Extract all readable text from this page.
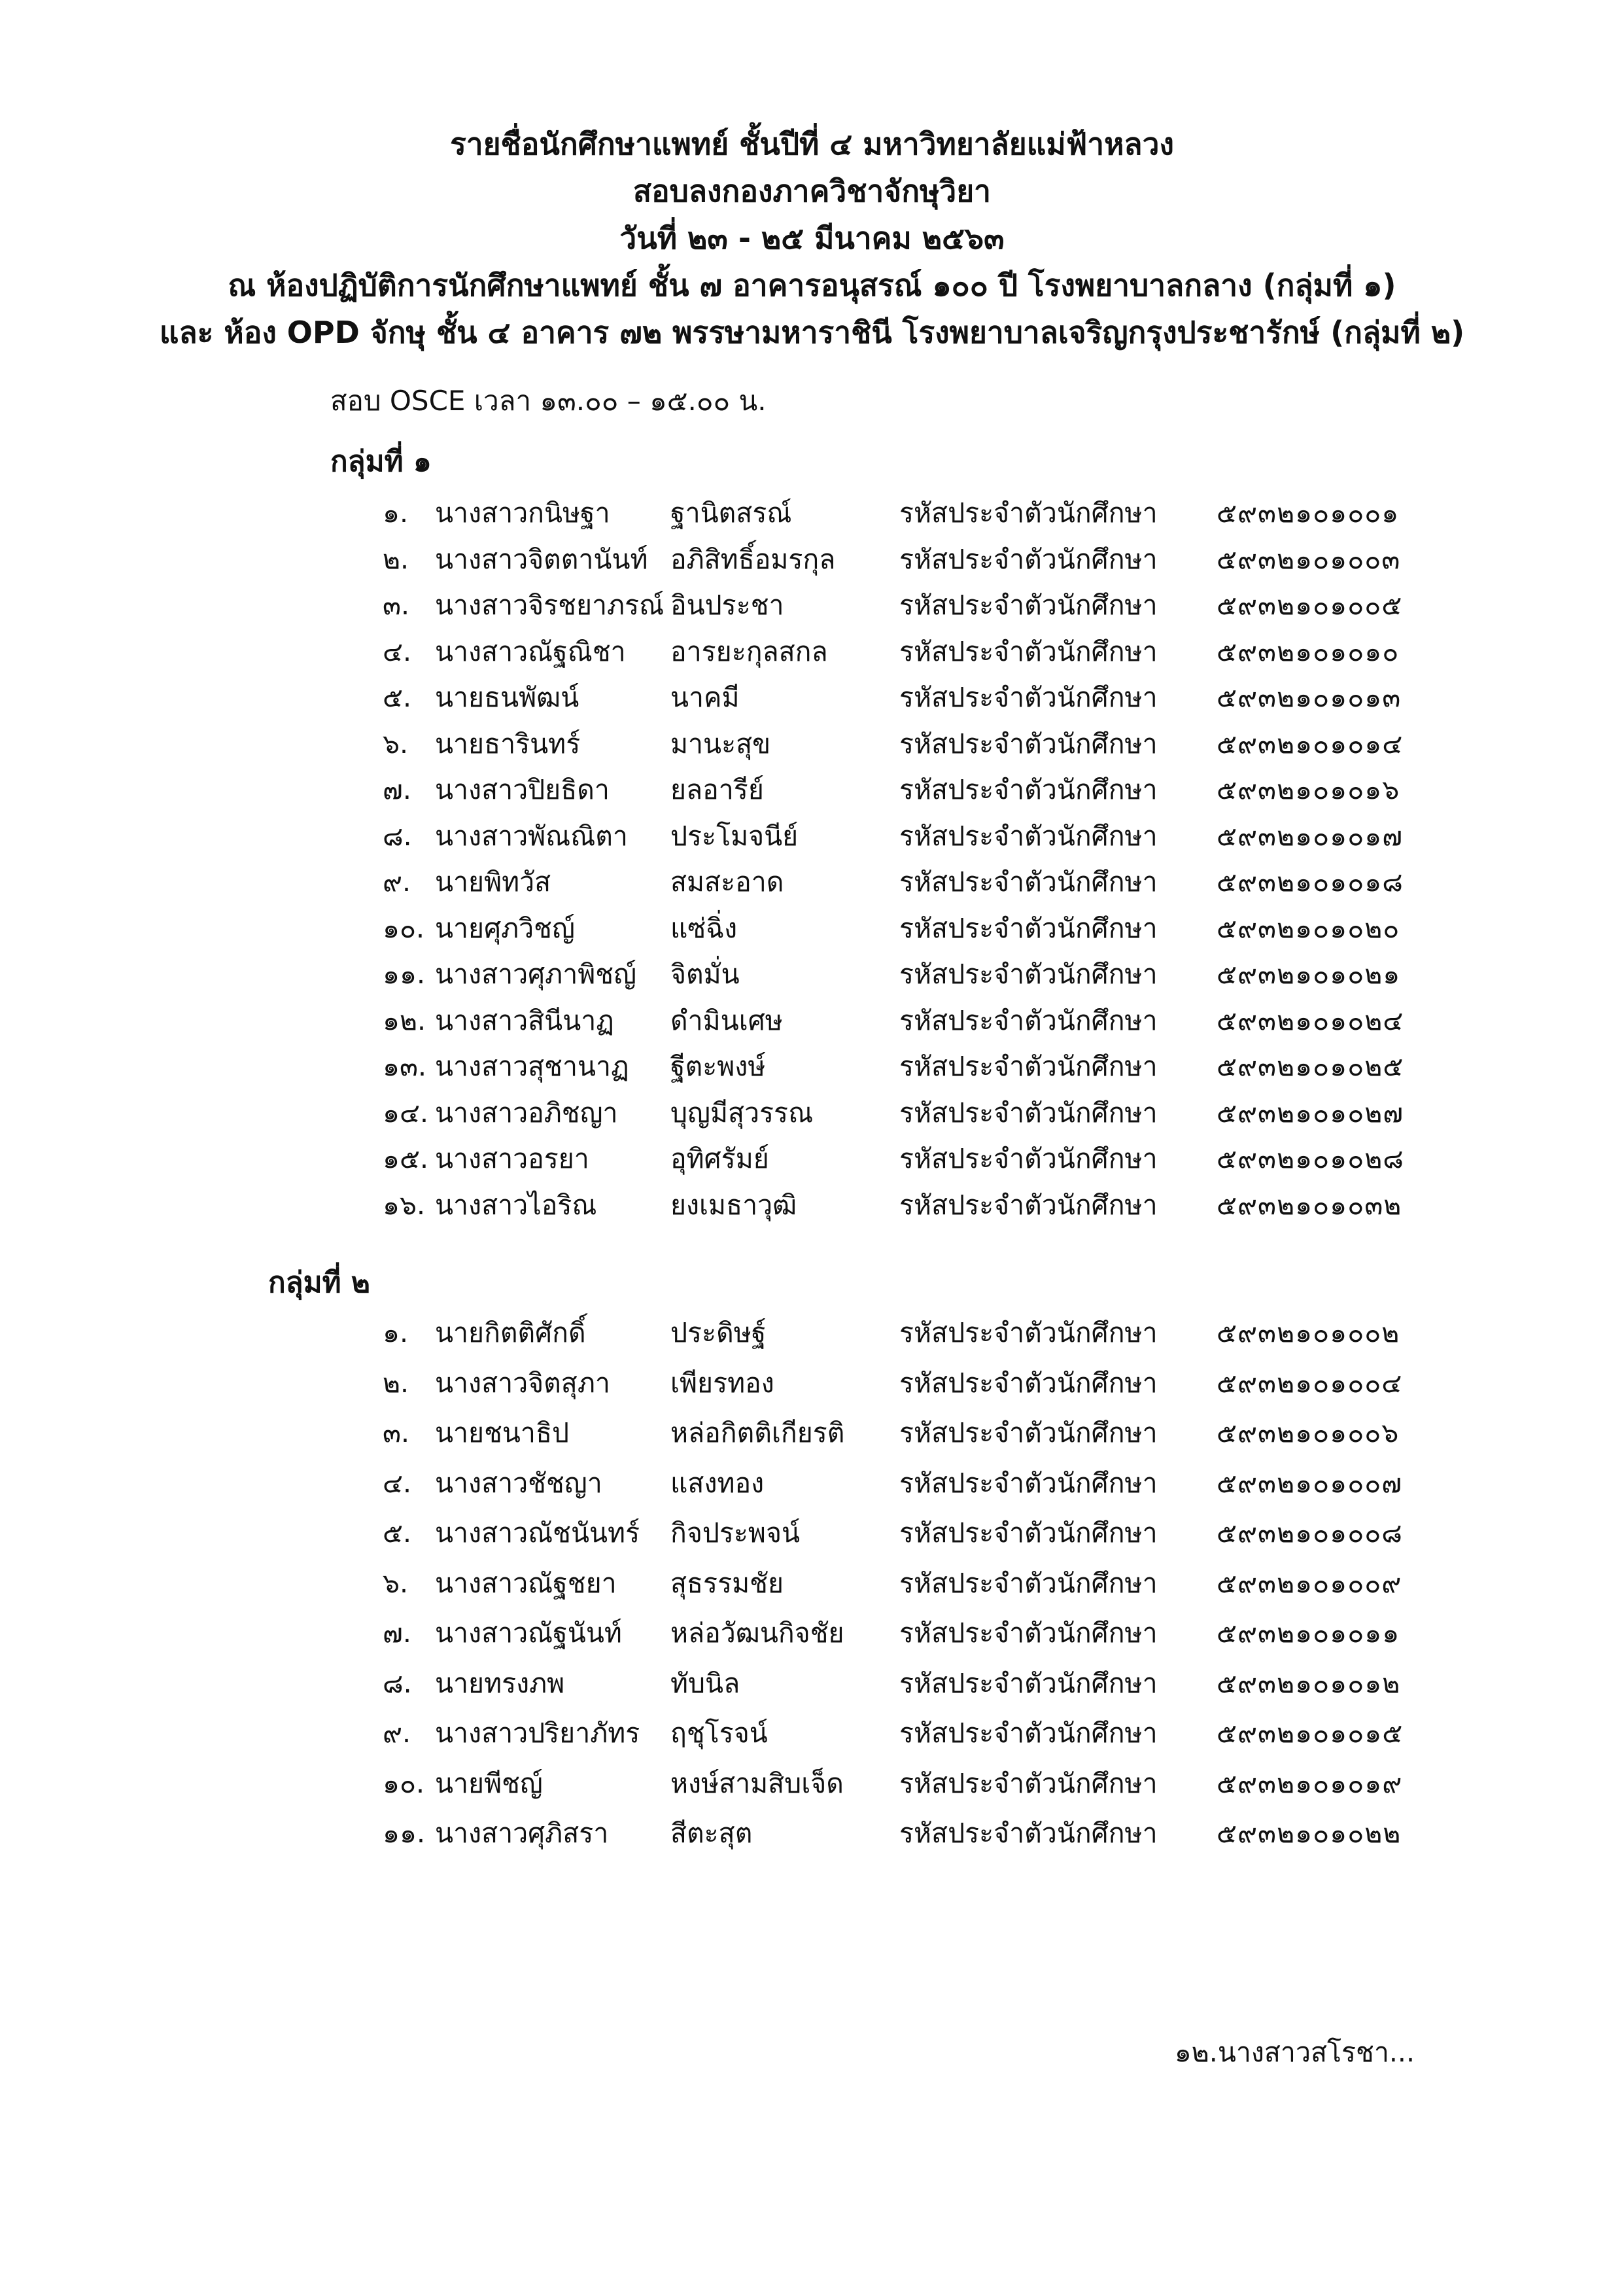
รายชื่อนักศึกษาแพทย์ ชั้นปีที่ ๔ มหาวิทยาลัยแม่ฟ้าหลวง
สอบลงกองภาควิชาจักษุวิยา
วันที่ ๒๓ - ๒๕ มีนาคม ๒๕๖๓
ณ ห้องปฏิบัติการนักศึกษาแพทย์ ชั้น ๗ อาคารอนุสรณ์ ๑๐๐ ปี โรงพยาบาลกลาง (กลุ่มที่ ๑)
และ ห้อง OPD จักษุ ชั้น ๔ อาคาร ๗๒ พรรษามหาราชินี โรงพยาบาลเจริญกรุงประชารักษ์ (กลุ่มที่ ๒)
สอบ OSCE เวลา ๑๓.๐๐ – ๑๕.๐๐ น.
กลุ่มที่ ๑
๑. นางสาวกนิษฐา ฐานิตสรณ์	รหัสประจำตัวนักศึกษา ๕๙๓๒๑๐๑๐๐๑
๒. นางสาวจิตตานันท์ อภิสิทธิ์อมรกุล รหัสประจำตัวนักศึกษา ๕๙๓๒๑๐๑๐๐๓
๓. นางสาวจิรชยาภรณ์ อินประชา	รหัสประจำตัวนักศึกษา ๕๙๓๒๑๐๑๐๐๕
๔. นางสาวณัฐณิชา อารยะกุลสกล	รหัสประจำตัวนักศึกษา ๕๙๓๒๑๐๑๐๑๐
๕. นายธนพัฒน์	นาคมี	รหัสประจำตัวนักศึกษา ๕๙๓๒๑๐๑๐๑๓
๖. นายธารินทร์	มานะสุข	รหัสประจำตัวนักศึกษา ๕๙๓๒๑๐๑๐๑๔
๗. นางสาวปิยธิดา ยลอารีย์	รหัสประจำตัวนักศึกษา ๕๙๓๒๑๐๑๐๑๖
๘. นางสาวพัณณิตา ประโมจนีย์	รหัสประจำตัวนักศึกษา ๕๙๓๒๑๐๑๐๑๗
๙. นายพิทวัส	สมสะอาด	รหัสประจำตัวนักศึกษา ๕๙๓๒๑๐๑๐๑๘
๑๐. นายศุภวิชญ์	แซ่ฉิ่ง	รหัสประจำตัวนักศึกษา ๕๙๓๒๑๐๑๐๒๐
๑๑. นางสาวศุภาพิชญ์ จิตมั่น	รหัสประจำตัวนักศึกษา ๕๙๓๒๑๐๑๐๒๑
๑๒. นางสาวสินีนาฏ ดำมินเศษ	รหัสประจำตัวนักศึกษา ๕๙๓๒๑๐๑๐๒๔
๑๓. นางสาวสุชานาฏ ฐีตะพงษ์	รหัสประจำตัวนักศึกษา ๕๙๓๒๑๐๑๐๒๕
๑๔. นางสาวอภิชญา บุญมีสุวรรณ	รหัสประจำตัวนักศึกษา ๕๙๓๒๑๐๑๐๒๗
๑๕. นางสาวอรยา	อุทิศรัมย์	รหัสประจำตัวนักศึกษา ๕๙๓๒๑๐๑๐๒๘
๑๖. นางสาวไอริณ	ยงเมธาวุฒิ	รหัสประจำตัวนักศึกษา ๕๙๓๒๑๐๑๐๓๒
กลุ่มที่ ๒
๑. นายกิตติศักดิ์	ประดิษฐ์	รหัสประจำตัวนักศึกษา ๕๙๓๒๑๐๑๐๐๒
๒. นางสาวจิตสุภา เพียรทอง	รหัสประจำตัวนักศึกษา ๕๙๓๒๑๐๑๐๐๔
๓. นายชนาธิป	หล่อกิตติเกียรติ รหัสประจำตัวนักศึกษา ๕๙๓๒๑๐๑๐๐๖
๔. นางสาวชัชญา	แสงทอง	รหัสประจำตัวนักศึกษา ๕๙๓๒๑๐๑๐๐๗
๕. นางสาวณัชนันทร์ กิจประพจน์	รหัสประจำตัวนักศึกษา ๕๙๓๒๑๐๑๐๐๘
๖. นางสาวณัฐชยา สุธรรมชัย	รหัสประจำตัวนักศึกษา ๕๙๓๒๑๐๑๐๐๙
๗. นางสาวณัฐนันท์ หล่อวัฒนกิจชัย รหัสประจำตัวนักศึกษา ๕๙๓๒๑๐๑๐๑๑
๘. นายทรงภพ	ทับนิล	รหัสประจำตัวนักศึกษา ๕๙๓๒๑๐๑๐๑๒
๙. นางสาวปริยาภัทร ฤชุโรจน์	รหัสประจำตัวนักศึกษา ๕๙๓๒๑๐๑๐๑๕
๑๐. นายพีชญ์	หงษ์สามสิบเจ็ด รหัสประจำตัวนักศึกษา ๕๙๓๒๑๐๑๐๑๙
๑๑. นางสาวศุภิสรา สีตะสุต	รหัสประจำตัวนักศึกษา ๕๙๓๒๑๐๑๐๒๒
๑๒.นางสาวสโรชา...
